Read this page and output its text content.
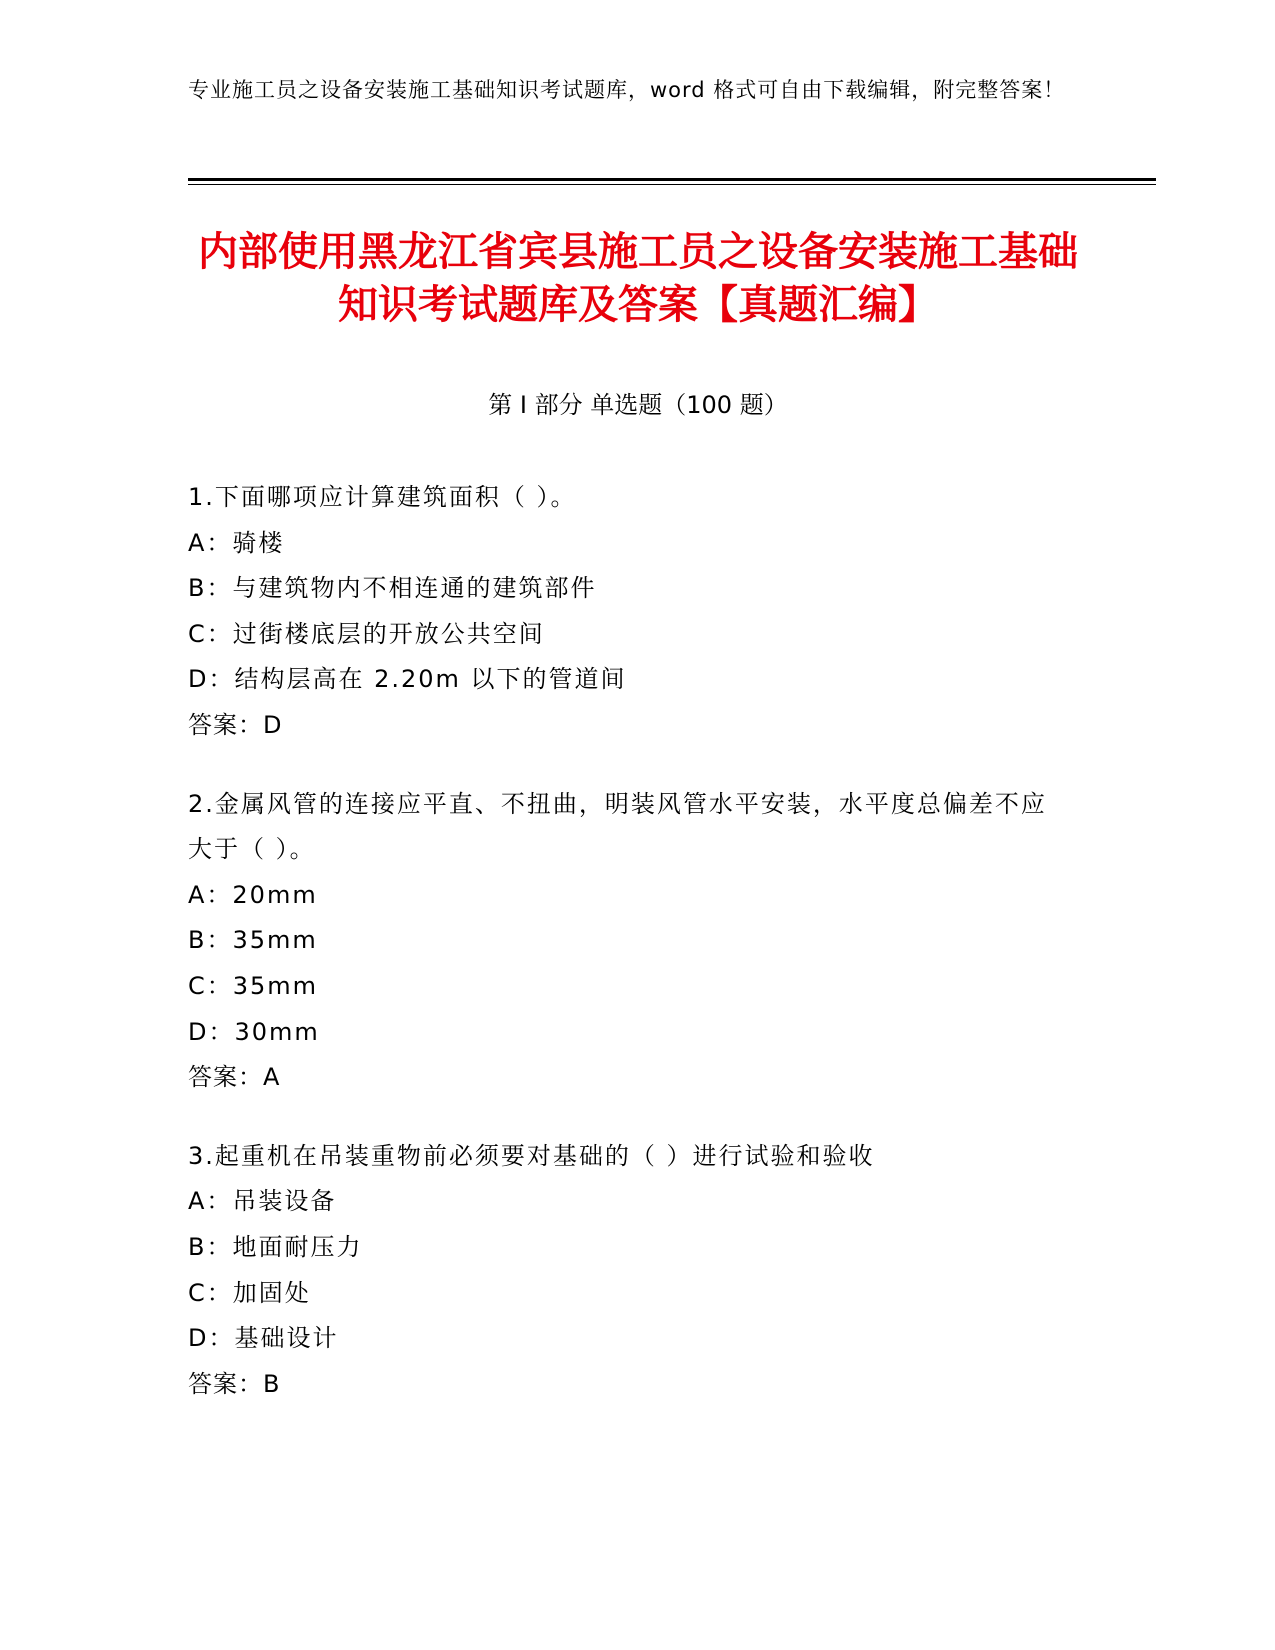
专业施工员之设备安装施工基础知识考试题库，word 格式可自由下载编辑，附完整答案！
内部使用黑龙江省宾县施工员之设备安装施工基础知识考试题库及答案【真题汇编】
第 I 部分 单选题（100 题）
1.下面哪项应计算建筑面积（ ）。
A：骑楼
B：与建筑物内不相连通的建筑部件
C：过街楼底层的开放公共空间
D：结构层高在 2.20m 以下的管道间
答案：D
2.金属风管的连接应平直、不扭曲，明装风管水平安装，水平度总偏差不应大于（ ）。
A：20mm
B：35mm
C：35mm
D：30mm
答案：A
3.起重机在吊装重物前必须要对基础的（ ）进行试验和验收
A：吊装设备
B：地面耐压力
C：加固处
D：基础设计
答案：B
